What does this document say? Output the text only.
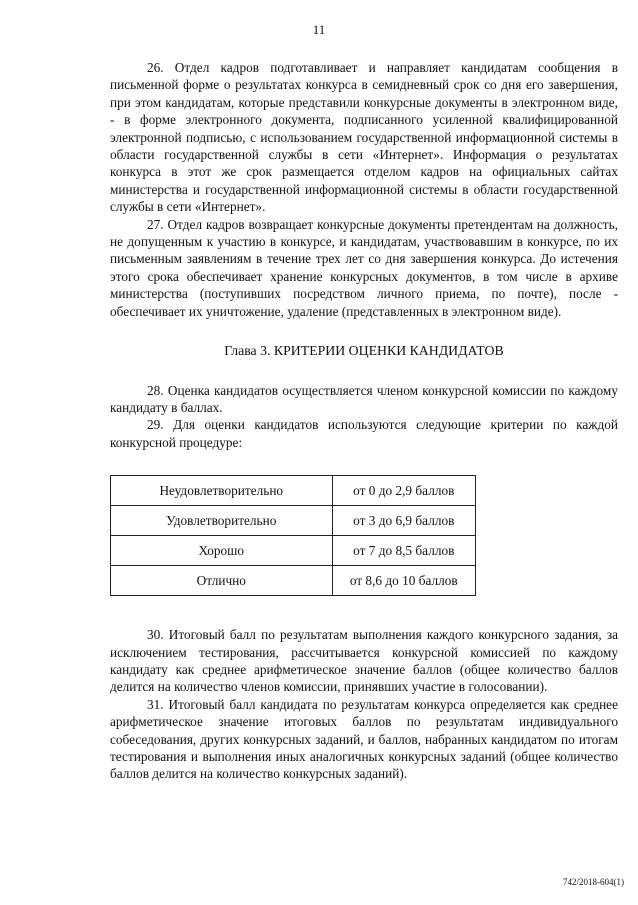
11

26. Отдел кадров подготавливает и направляет кандидатам сообщения в письменной форме о результатах конкурса в семидневный срок со дня его завершения, при этом кандидатам, которые представили конкурсные документы в электронном виде, - в форме электронного документа, подписанного усиленной квалифицированной электронной подписью, с использованием государственной информационной системы в области государственной службы в сети «Интернет». Информация о результатах конкурса в этот же срок размещается отделом кадров на официальных сайтах министерства и государственной информационной системы в области государственной службы в сети «Интернет».

27. Отдел кадров возвращает конкурсные документы претендентам на должность, не допущенным к участию в конкурсе, и кандидатам, участвовавшим в конкурсе, по их письменным заявлениям в течение трех лет со дня завершения конкурса. До истечения этого срока обеспечивает хранение конкурсных документов, в том числе в архиве министерства (поступивших посредством личного приема, по почте), после - обеспечивает их уничтожение, удаление (представленных в электронном виде).

Глава 3. КРИТЕРИИ ОЦЕНКИ КАНДИДАТОВ

28. Оценка кандидатов осуществляется членом конкурсной комиссии по каждому кандидату в баллах.

29. Для оценки кандидатов используются следующие критерии по каждой конкурсной процедуре:

Неудовлетворительно	от 0 до 2,9 баллов
Удовлетворительно	от 3 до 6,9 баллов
Хорошо	от 7 до 8,5 баллов
Отлично	от 8,6 до 10 баллов

30. Итоговый балл по результатам выполнения каждого конкурсного задания, за исключением тестирования, рассчитывается конкурсной комиссией по каждому кандидату как среднее арифметическое значение баллов (общее количество баллов делится на количество членов комиссии, принявших участие в голосовании).

31. Итоговый балл кандидата по результатам конкурса определяется как среднее арифметическое значение итоговых баллов по результатам индивидуального собеседования, других конкурсных заданий, и баллов, набранных кандидатом по итогам тестирования и выполнения иных аналогичных конкурсных заданий (общее количество баллов делится на количество конкурсных заданий).

742/2018-604(1)
